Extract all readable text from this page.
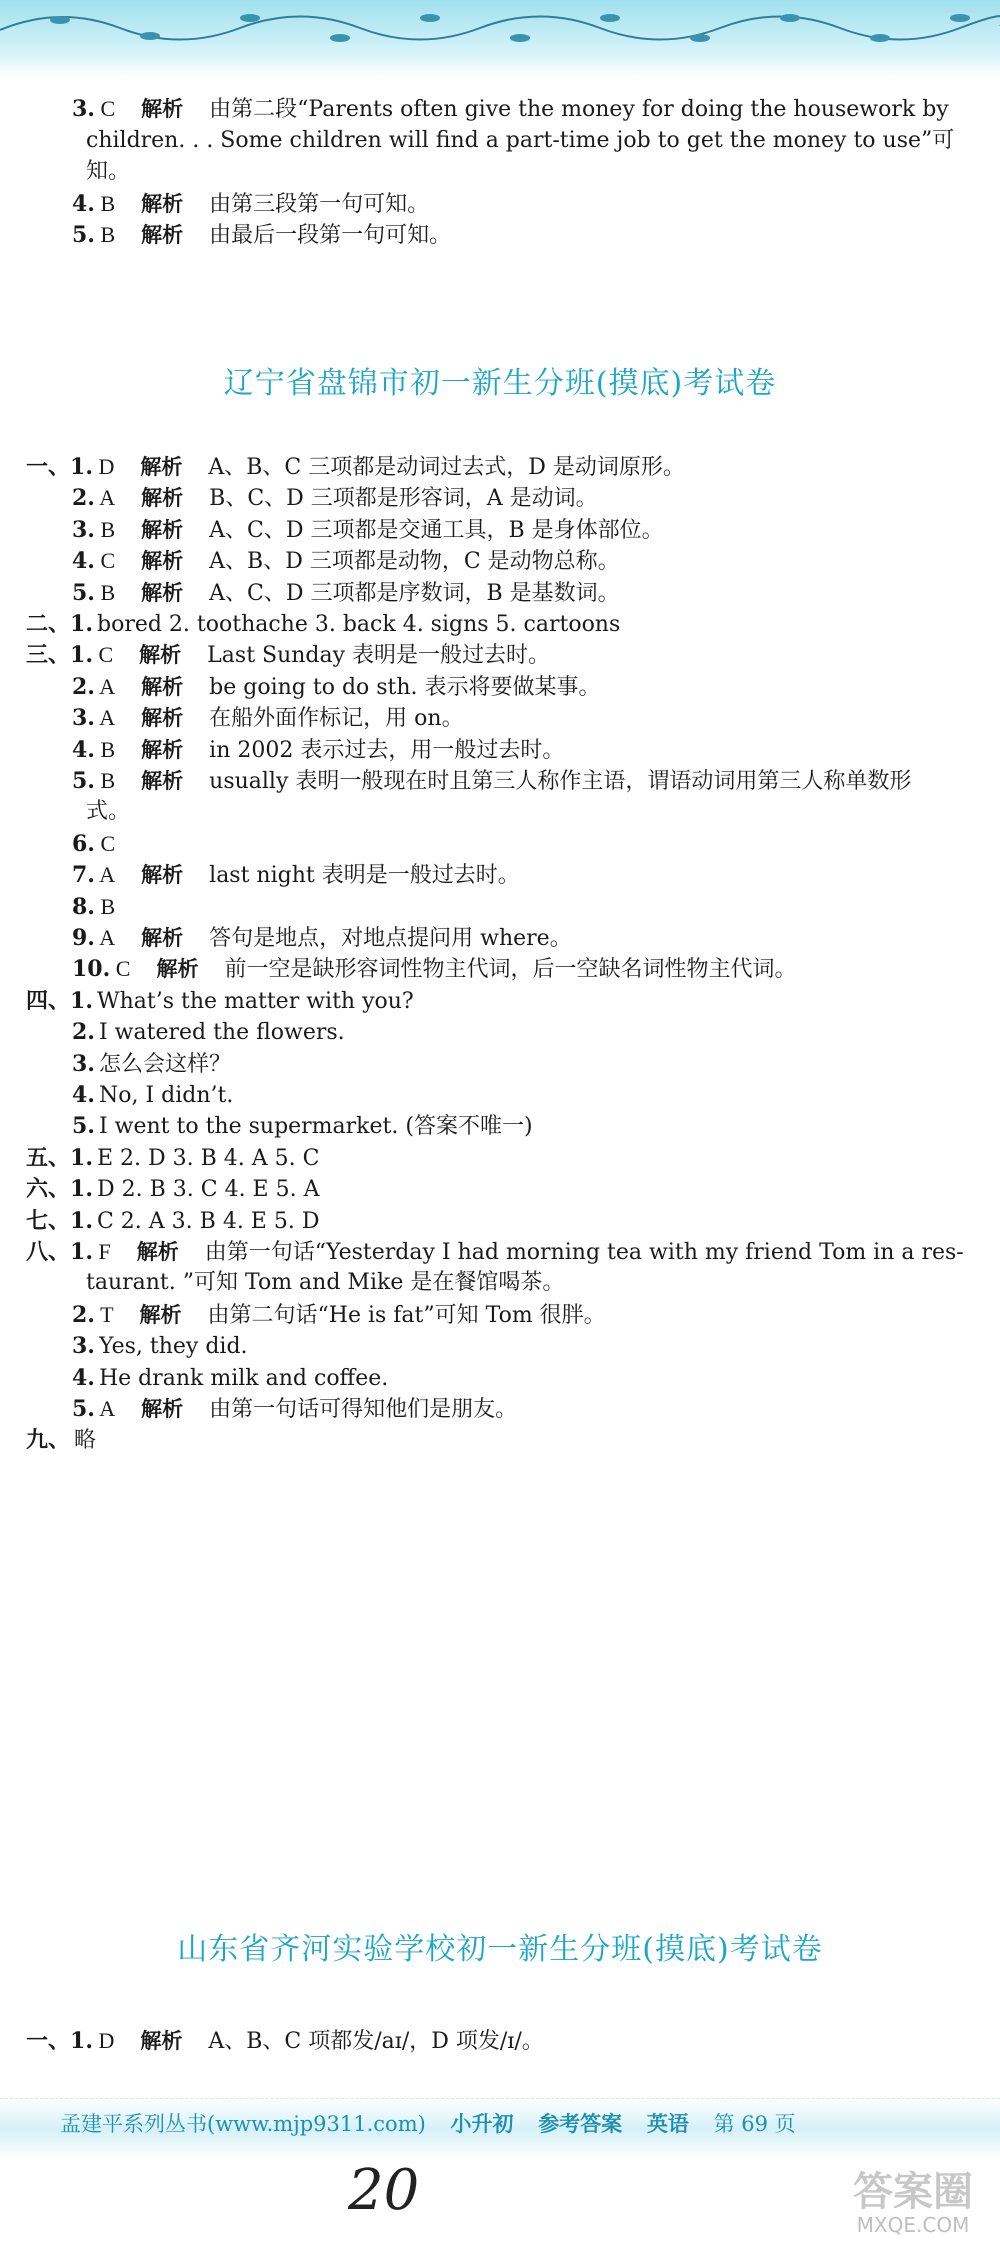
3. C 解析 由第二段“Parents often give the money for doing the housework by
children. . . Some children will find a part-time job to get the money to use”可
知。
4. B 解析 由第三段第一句可知。
5. B 解析 由最后一段第一句可知。
辽宁省盘锦市初一新生分班(摸底)考试卷
一、1. D 解析 A、B、C 三项都是动词过去式，D 是动词原形。
2. A 解析 B、C、D 三项都是形容词，A 是动词。
3. B 解析 A、C、D 三项都是交通工具，B 是身体部位。
4. C 解析 A、B、D 三项都是动物，C 是动物总称。
5. B 解析 A、C、D 三项都是序数词，B 是基数词。
二、1. bored 2. toothache 3. back 4. signs 5. cartoons
三、1. C 解析 Last Sunday 表明是一般过去时。
2. A 解析 be going to do sth. 表示将要做某事。
3. A 解析 在船外面作标记，用 on。
4. B 解析 in 2002 表示过去，用一般过去时。
5. B 解析 usually 表明一般现在时且第三人称作主语，谓语动词用第三人称单数形
式。
6. C
7. A 解析 last night 表明是一般过去时。
8. B
9. A 解析 答句是地点，对地点提问用 where。
10. C 解析 前一空是缺形容词性物主代词，后一空缺名词性物主代词。
四、1. What’s the matter with you?
2. I watered the flowers.
3. 怎么会这样？
4. No, I didn’t.
5. I went to the supermarket. (答案不唯一)
五、1. E 2. D 3. B 4. A 5. C
六、1. D 2. B 3. C 4. E 5. A
七、1. C 2. A 3. B 4. E 5. D
八、1. F 解析 由第一句话“Yesterday I had morning tea with my friend Tom in a res-
taurant. ”可知 Tom and Mike 是在餐馆喝茶。
2. T 解析 由第二句话“He is fat”可知 Tom 很胖。
3. Yes, they did.
4. He drank milk and coffee.
5. A 解析 由第一句话可得知他们是朋友。
九、 略
山东省齐河实验学校初一新生分班(摸底)考试卷
一、1. D 解析 A、B、C 项都发/aɪ/，D 项发/ɪ/。
孟建平系列丛书(www.mjp9311.com) 小升初 参考答案 英语 第 69 页
20	答案圈
MXQE.COM
